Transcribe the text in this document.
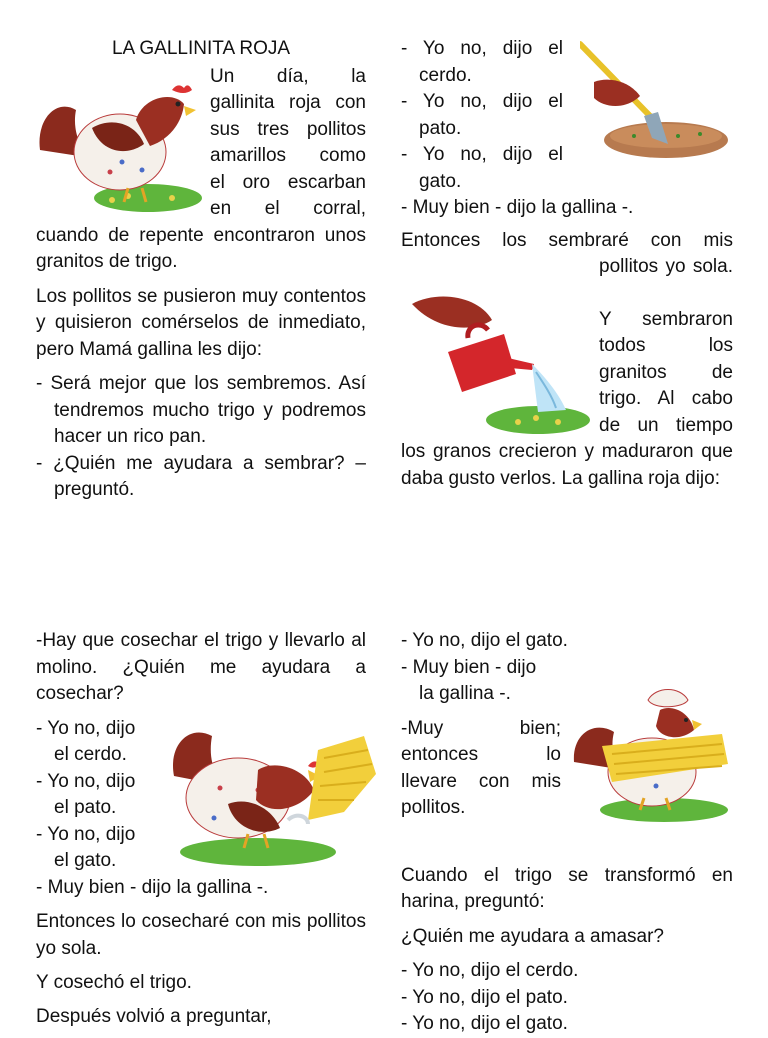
LA GALLINITA ROJA

Un día, la

gallinita roja con

sus tres pollitos

amarillos como

el oro escarban

en el corral,

cuando de repente encontraron unos granitos de trigo.

Los pollitos se pusieron muy contentos y quisieron comérselos de inmediato, pero Mamá gallina les dijo:

- Será mejor que los sembremos. Así tendremos mucho trigo y podremos hacer un rico pan.

- ¿Quién me ayudara a sembrar? – preguntó.

- Yo no, dijo el cerdo.

- Yo no, dijo el pato.

- Yo no, dijo el gato.

- Muy bien - dijo la gallina -.

Entonces los sembraré con mis

pollitos yo sola.

Y sembraron

todos los

granitos de

trigo. Al cabo

de un tiempo

los granos crecieron y maduraron que daba gusto verlos. La gallina roja dijo:

-Hay que cosechar el trigo y llevarlo al molino. ¿Quién me ayudara a cosechar?

- Yo no, dijo

el cerdo.

- Yo no, dijo

el pato.

- Yo no, dijo

el gato.

- Muy bien - dijo la gallina -.

Entonces lo cosecharé con mis pollitos yo sola.

Y cosechó el trigo.

Después volvió a preguntar,

- Yo no, dijo el gato.

- Muy bien - dijo

la gallina -.

-Muy bien;

entonces lo

llevare con mis

pollitos.

Cuando el trigo se transformó en harina, preguntó:

¿Quién me ayudara a amasar?

- Yo no, dijo el cerdo.

- Yo no, dijo el pato.

- Yo no, dijo el gato.
